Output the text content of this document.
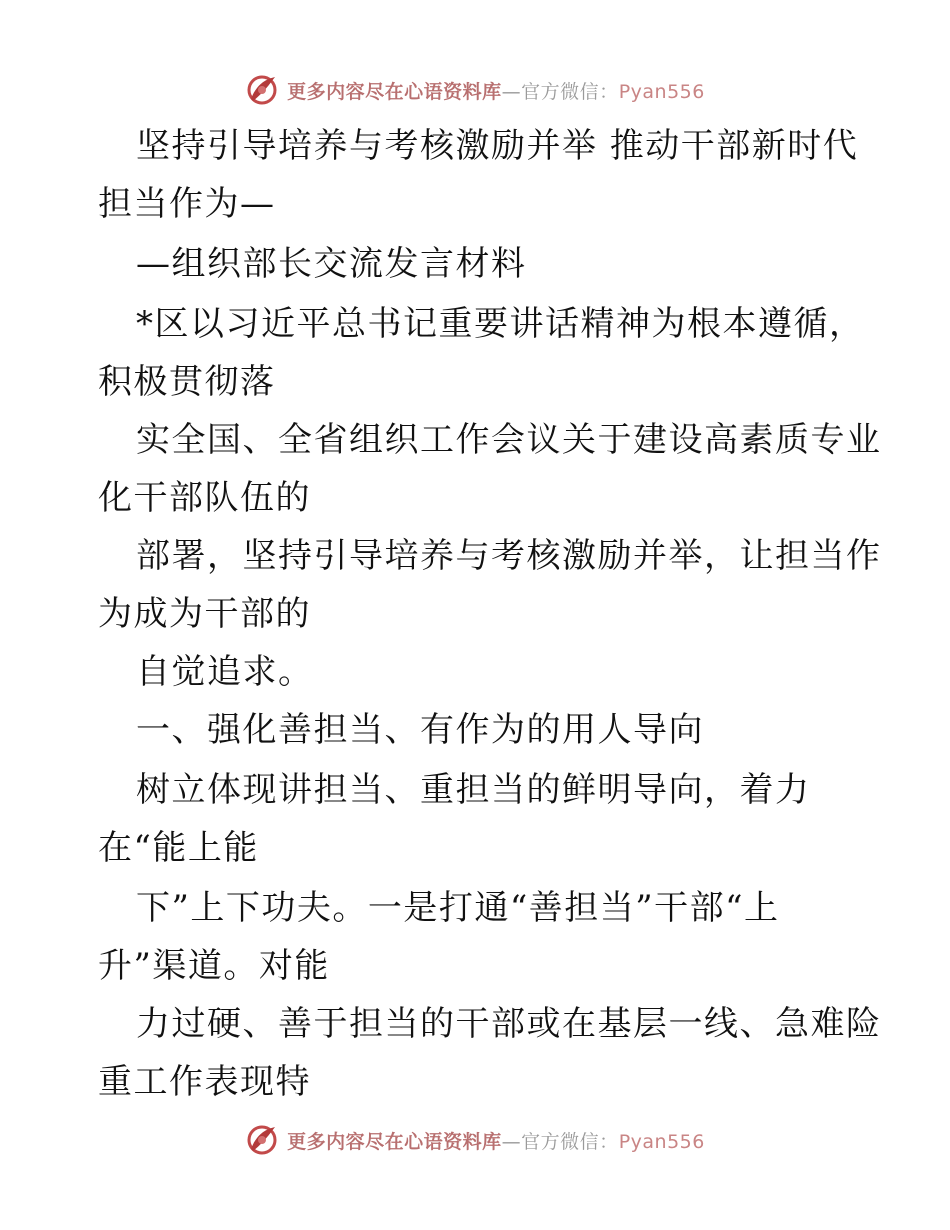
更多内容尽在心语资料库—官方微信：Pyan556
坚持引导培养与考核激励并举 推动干部新时代
担当作为—
—组织部长交流发言材料
*区以习近平总书记重要讲话精神为根本遵循，
积极贯彻落
实全国、全省组织工作会议关于建设高素质专业
化干部队伍的
部署，坚持引导培养与考核激励并举，让担当作
为成为干部的
自觉追求。
一、强化善担当、有作为的用人导向
树立体现讲担当、重担当的鲜明导向，着力
在“能上能
下”上下功夫。一是打通“善担当”干部“上
升”渠道。对能
力过硬、善于担当的干部或在基层一线、急难险
重工作表现特
更多内容尽在心语资料库—官方微信：Pyan556
